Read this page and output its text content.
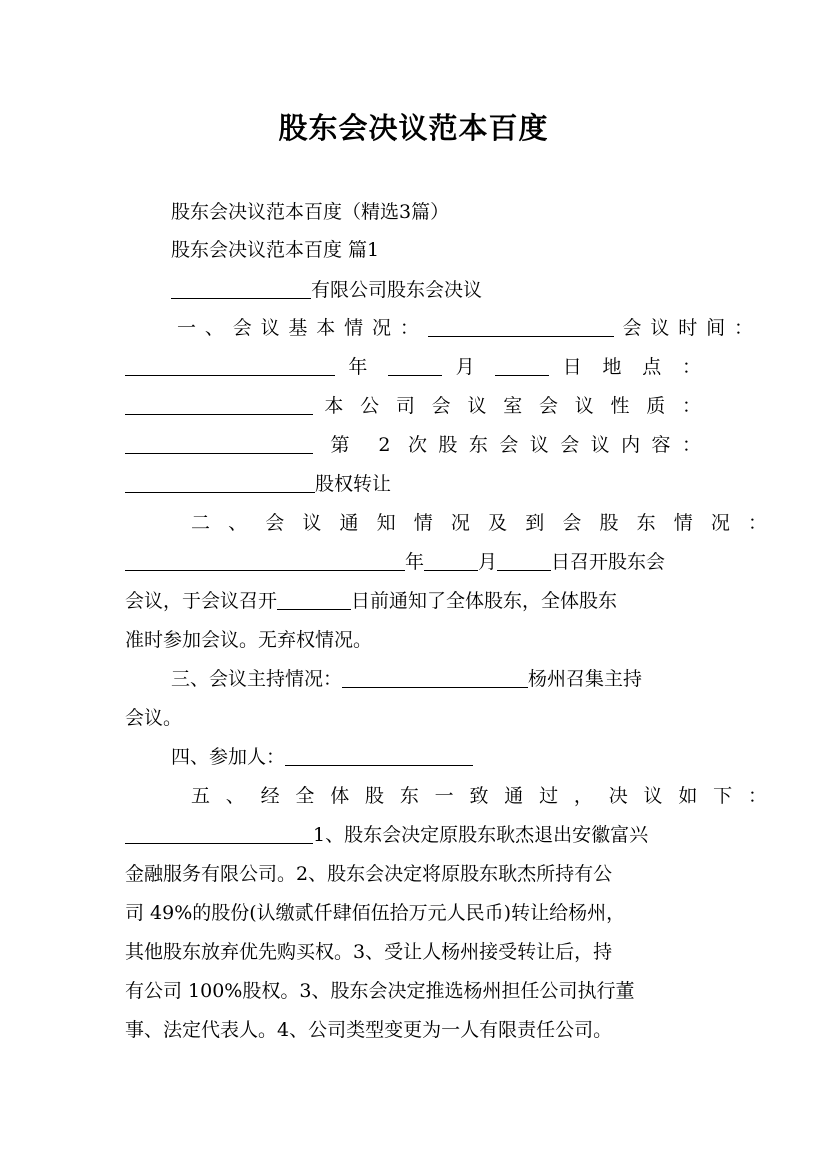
股东会决议范本百度
股东会决议范本百度（精选3篇）
股东会决议范本百度 篇1
有限公司股东会决议
一、会议基本情况：	会议时间：
年	月	日 地 点 ：
本 公 司 会 议 室 会 议 性 质 ：
第 2 次股东会议会议内容：
股权转让
二、会议通知情况及到会股东情况：
年	月	日召开股东会
会议，于会议召开	日前通知了全体股东，全体股东
准时参加会议。无弃权情况。
三、会议主持情况：	杨州召集主持
会议。
四、参加人：
五、经全体股东一致通过，决议如下：
1、股东会决定原股东耿杰退出安徽富兴
金融服务有限公司。2、股东会决定将原股东耿杰所持有公
司 49%的股份(认缴贰仟肆佰伍拾万元人民币)转让给杨州，
其他股东放弃优先购买权。3、受让人杨州接受转让后，持
有公司 100%股权。3、股东会决定推选杨州担任公司执行董
事、法定代表人。4、公司类型变更为一人有限责任公司。
